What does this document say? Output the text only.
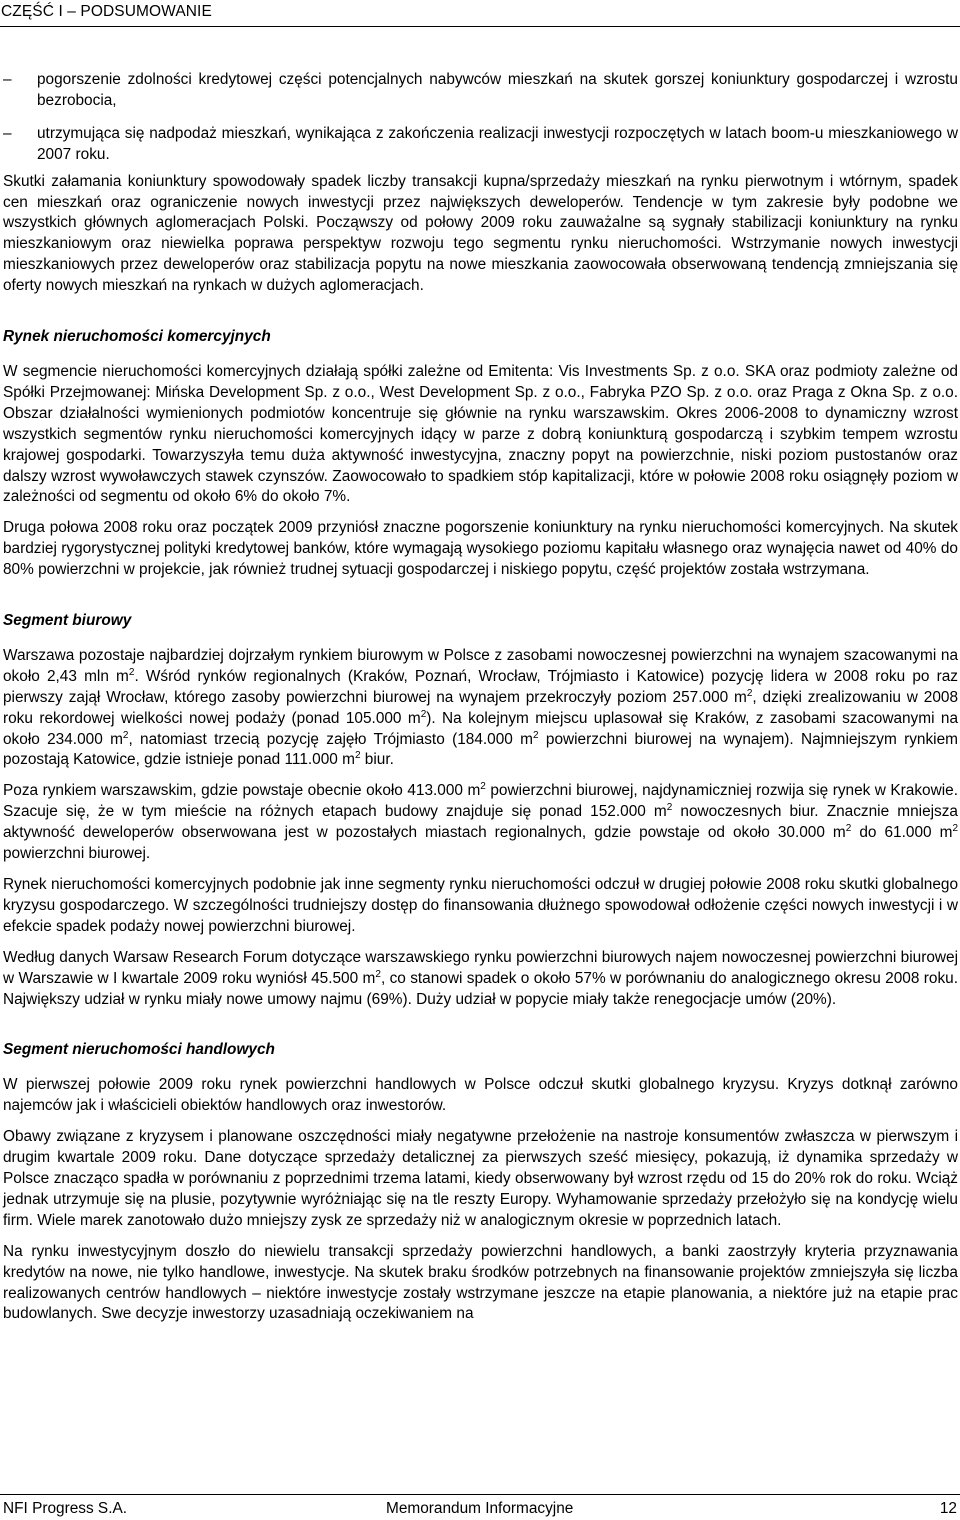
CZĘŚĆ I – PODSUMOWANIE
–	pogorszenie zdolności kredytowej części potencjalnych nabywców mieszkań na skutek gorszej koniunktury gospodarczej i wzrostu bezrobocia,
–	utrzymująca się nadpodaż mieszkań, wynikająca z zakończenia realizacji inwestycji rozpoczętych w latach boom-u mieszkaniowego w 2007 roku.

Skutki załamania koniunktury spowodowały spadek liczby transakcji kupna/sprzedaży mieszkań na rynku pierwotnym i wtórnym, spadek cen mieszkań oraz ograniczenie nowych inwestycji przez największych deweloperów. Tendencje w tym zakresie były podobne we wszystkich głównych aglomeracjach Polski. Począwszy od połowy 2009 roku zauważalne są sygnały stabilizacji koniunktury na rynku mieszkaniowym oraz niewielka poprawa perspektyw rozwoju tego segmentu rynku nieruchomości. Wstrzymanie nowych inwestycji mieszkaniowych przez deweloperów oraz stabilizacja popytu na nowe mieszkania zaowocowała obserwowaną tendencją zmniejszania się oferty nowych mieszkań na rynkach w dużych aglomeracjach.

Rynek nieruchomości komercyjnych

W segmencie nieruchomości komercyjnych działają spółki zależne od Emitenta: Vis Investments Sp. z o.o. SKA oraz podmioty zależne od Spółki Przejmowanej: Mińska Development Sp. z o.o., West Development Sp. z o.o., Fabryka PZO Sp. z o.o. oraz Praga z Okna Sp. z o.o. Obszar działalności wymienionych podmiotów koncentruje się głównie na rynku warszawskim. Okres 2006-2008 to dynamiczny wzrost wszystkich segmentów rynku nieruchomości komercyjnych idący w parze z dobrą koniunkturą gospodarczą i szybkim tempem wzrostu krajowej gospodarki. Towarzyszyła temu duża aktywność inwestycyjna, znaczny popyt na powierzchnie, niski poziom pustostanów oraz dalszy wzrost wywoławczych stawek czynszów. Zaowocowało to spadkiem stóp kapitalizacji, które w połowie 2008 roku osiągnęły poziom w zależności od segmentu od około 6% do około 7%.

Druga połowa 2008 roku oraz początek 2009 przyniósł znaczne pogorszenie koniunktury na rynku nieruchomości komercyjnych. Na skutek bardziej rygorystycznej polityki kredytowej banków, które wymagają wysokiego poziomu kapitału własnego oraz wynajęcia nawet od 40% do 80% powierzchni w projekcie, jak również trudnej sytuacji gospodarczej i niskiego popytu, część projektów została wstrzymana.

Segment biurowy

Warszawa pozostaje najbardziej dojrzałym rynkiem biurowym w Polsce z zasobami nowoczesnej powierzchni na wynajem szacowanymi na około 2,43 mln $m^2$. Wśród rynków regionalnych (Kraków, Poznań, Wrocław, Trójmiasto i Katowice) pozycję lidera w 2008 roku po raz pierwszy zajął Wrocław, którego zasoby powierzchni biurowej na wynajem przekroczyły poziom 257.000 $m^2$, dzięki zrealizowaniu w 2008 roku rekordowej wielkości nowej podaży (ponad 105.000 $m^2$). Na kolejnym miejscu uplasował się Kraków, z zasobami szacowanymi na około 234.000 $m^2$, natomiast trzecią pozycję zajęło Trójmiasto (184.000 $m^2$ powierzchni biurowej na wynajem). Najmniejszym rynkiem pozostają Katowice, gdzie istnieje ponad 111.000 $m^2$ biur.

Poza rynkiem warszawskim, gdzie powstaje obecnie około 413.000 $m^2$ powierzchni biurowej, najdynamiczniej rozwija się rynek w Krakowie. Szacuje się, że w tym mieście na różnych etapach budowy znajduje się ponad 152.000 $m^2$ nowoczesnych biur. Znacznie mniejsza aktywność deweloperów obserwowana jest w pozostałych miastach regionalnych, gdzie powstaje od około 30.000 $m^2$ do 61.000 $m^2$ powierzchni biurowej.

Rynek nieruchomości komercyjnych podobnie jak inne segmenty rynku nieruchomości odczuł w drugiej połowie 2008 roku skutki globalnego kryzysu gospodarczego. W szczególności trudniejszy dostęp do finansowania dłużnego spowodował odłożenie części nowych inwestycji i w efekcie spadek podaży nowej powierzchni biurowej.

Według danych Warsaw Research Forum dotyczące warszawskiego rynku powierzchni biurowych najem nowoczesnej powierzchni biurowej w Warszawie w I kwartale 2009 roku wyniósł 45.500 $m^2$, co stanowi spadek o około 57% w porównaniu do analogicznego okresu 2008 roku. Największy udział w rynku miały nowe umowy najmu (69%). Duży udział w popycie miały także renegocjacje umów (20%).

Segment nieruchomości handlowych

W pierwszej połowie 2009 roku rynek powierzchni handlowych w Polsce odczuł skutki globalnego kryzysu. Kryzys dotknął zarówno najemców jak i właścicieli obiektów handlowych oraz inwestorów.

Obawy związane z kryzysem i planowane oszczędności miały negatywne przełożenie na nastroje konsumentów zwłaszcza w pierwszym i drugim kwartale 2009 roku. Dane dotyczące sprzedaży detalicznej za pierwszych sześć miesięcy, pokazują, iż dynamika sprzedaży w Polsce znacząco spadła w porównaniu z poprzednimi trzema latami, kiedy obserwowany był wzrost rzędu od 15 do 20% rok do roku. Wciąż jednak utrzymuje się na plusie, pozytywnie wyróżniając się na tle reszty Europy. Wyhamowanie sprzedaży przełożyło się na kondycję wielu firm. Wiele marek zanotowało dużo mniejszy zysk ze sprzedaży niż w analogicznym okresie w poprzednich latach.

Na rynku inwestycyjnym doszło do niewielu transakcji sprzedaży powierzchni handlowych, a banki zaostrzyły kryteria przyznawania kredytów na nowe, nie tylko handlowe, inwestycje. Na skutek braku środków potrzebnych na finansowanie projektów zmniejszyła się liczba realizowanych centrów handlowych – niektóre inwestycje zostały wstrzymane jeszcze na etapie planowania, a niektóre już na etapie prac budowlanych. Swe decyzje inwestorzy uzasadniają oczekiwaniem na

NFI Progress S.A.	Memorandum Informacyjne	12
